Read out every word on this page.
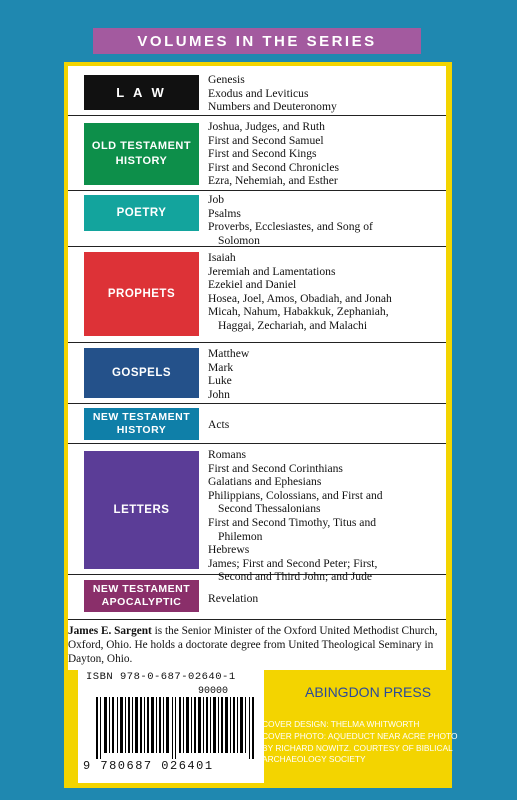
VOLUMES IN THE SERIES
L A W
Genesis
Exodus and Leviticus
Numbers and Deuteronomy
OLD TESTAMENT HISTORY
Joshua, Judges, and Ruth
First and Second Samuel
First and Second Kings
First and Second Chronicles
Ezra, Nehemiah, and Esther
POETRY
Job
Psalms
Proverbs, Ecclesiastes, and Song of
Solomon
PROPHETS
Isaiah
Jeremiah and Lamentations
Ezekiel and Daniel
Hosea, Joel, Amos, Obadiah, and Jonah
Micah, Nahum, Habakkuk, Zephaniah,
Haggai, Zechariah, and Malachi
GOSPELS
Matthew
Mark
Luke
John
NEW TESTAMENT HISTORY	Acts
LETTERS
Romans
First and Second Corinthians
Galatians and Ephesians
Philippians, Colossians, and First and
Second Thessalonians
First and Second Timothy, Titus and
Philemon
Hebrews
James; First and Second Peter; First,
Second and Third John; and Jude
NEW TESTAMENT APOCALYPTIC	Revelation
James E. Sargent is the Senior Minister of the Oxford United Methodist Church, Oxford, Ohio. He holds a doctorate degree from United Theological Seminary in Dayton, Ohio.
ISBN 978-0-687-02640-1
90000
9 780687 026401
ABINGDON PRESS
COVER DESIGN: THELMA WHITWORTH
COVER PHOTO: AQUEDUCT NEAR ACRE PHOTO
BY RICHARD NOWITZ. COURTESY OF BIBLICAL
ARCHAEOLOGY SOCIETY
